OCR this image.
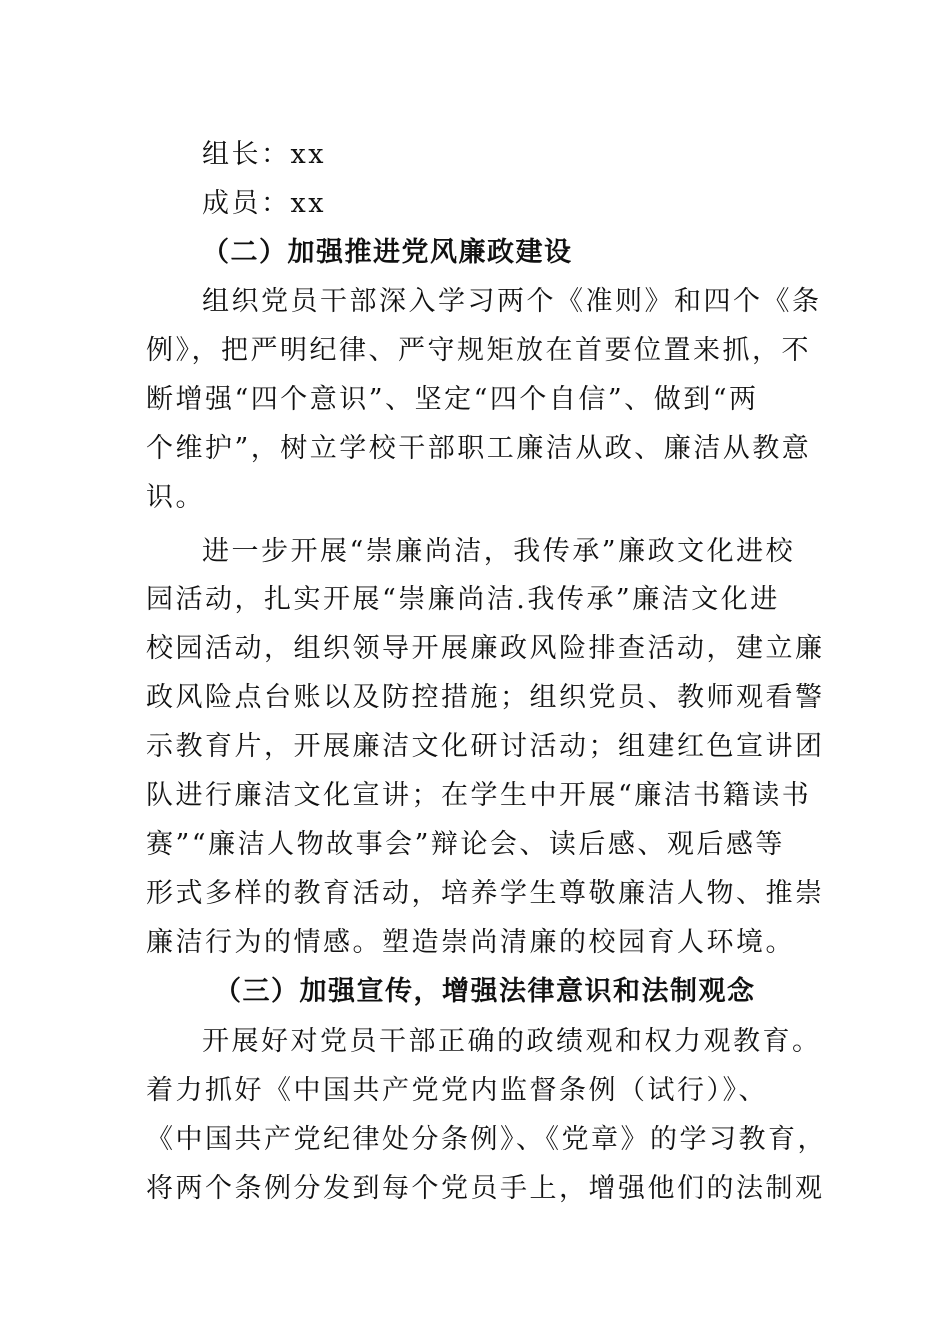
组长：xx
成员：xx
（二）加强推进党风廉政建设
组织党员干部深入学习两个《准则》和四个《条
例》，把严明纪律、严守规矩放在首要位置来抓，不
断增强“四个意识”、坚定“四个自信”、做到“两
个维护”，树立学校干部职工廉洁从政、廉洁从教意
识。
进一步开展“崇廉尚洁，我传承”廉政文化进校
园活动，扎实开展“崇廉尚洁.我传承”廉洁文化进
校园活动，组织领导开展廉政风险排查活动，建立廉
政风险点台账以及防控措施；组织党员、教师观看警
示教育片，开展廉洁文化研讨活动；组建红色宣讲团
队进行廉洁文化宣讲；在学生中开展“廉洁书籍读书
赛”“廉洁人物故事会”辩论会、读后感、观后感等
形式多样的教育活动，培养学生尊敬廉洁人物、推崇
廉洁行为的情感。塑造崇尚清廉的校园育人环境。
（三）加强宣传，增强法律意识和法制观念
开展好对党员干部正确的政绩观和权力观教育。
着力抓好《中国共产党党内监督条例（试行）》、
《中国共产党纪律处分条例》、《党章》的学习教育，
将两个条例分发到每个党员手上，增强他们的法制观
